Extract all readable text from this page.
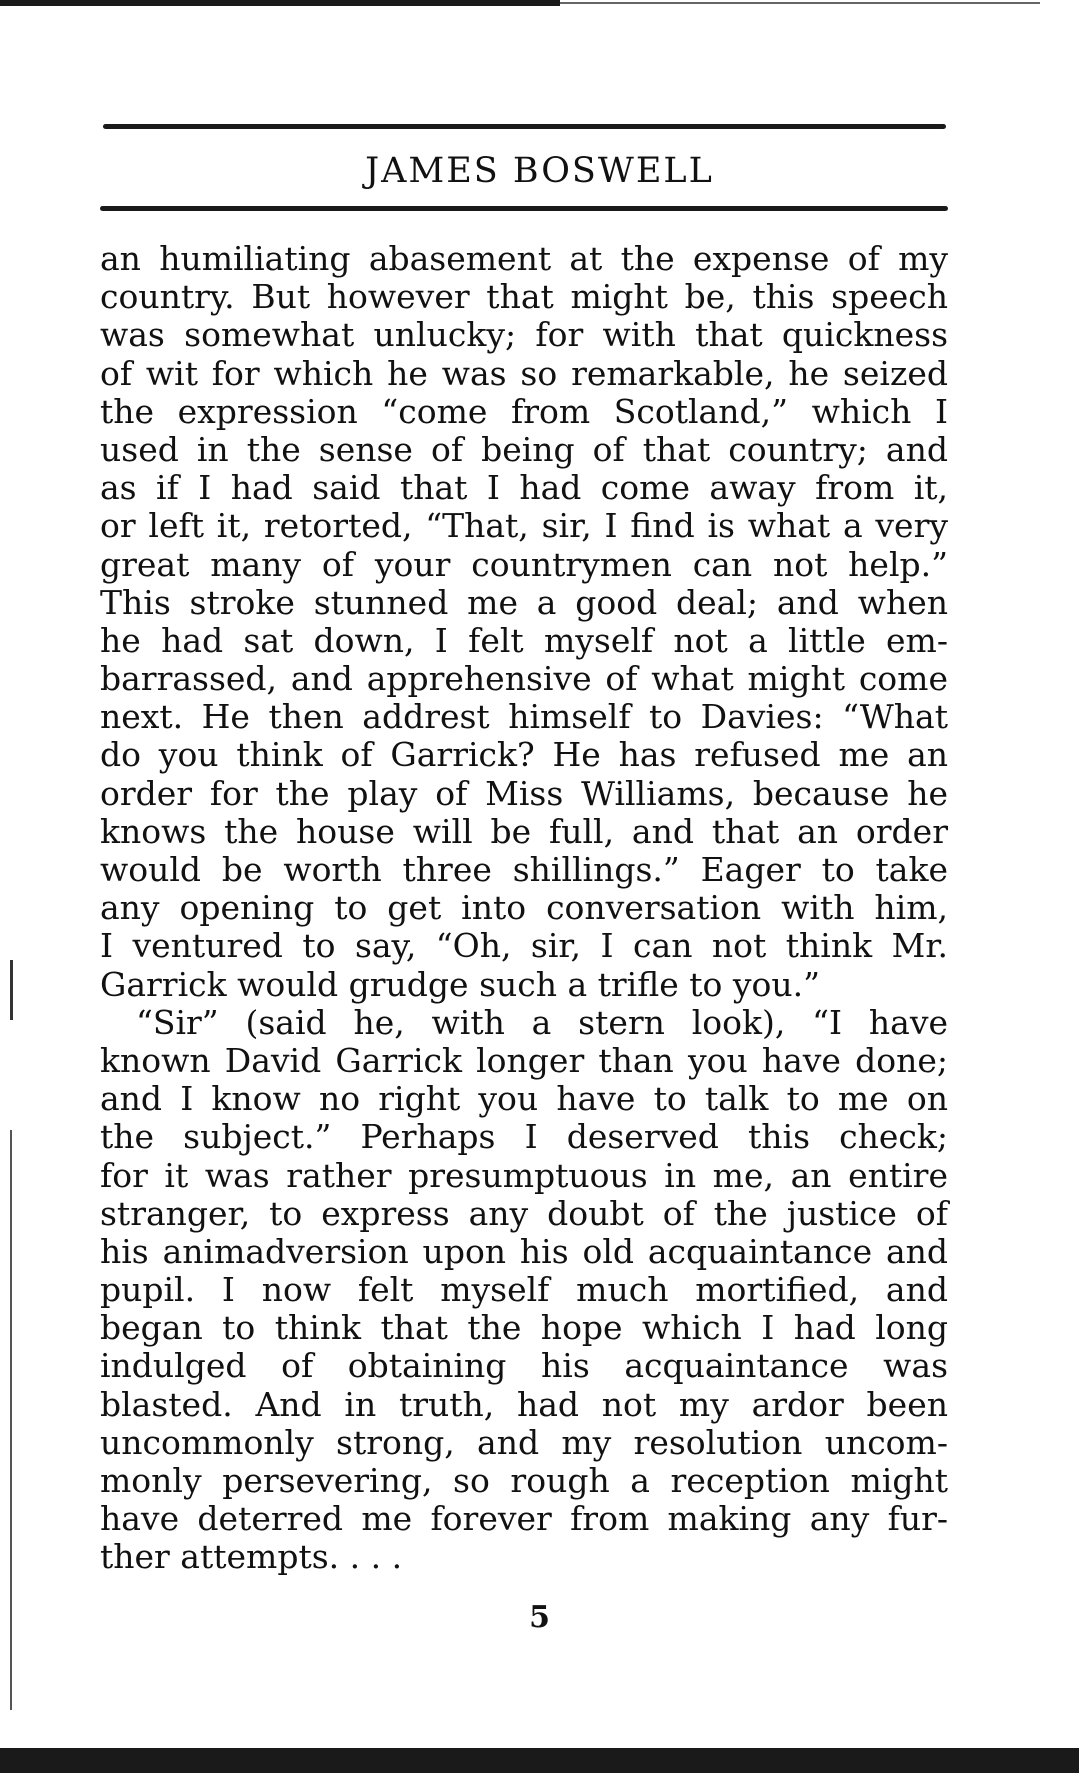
JAMES BOSWELL
an humiliating abasement at the expense of my
country. But however that might be, this speech
was somewhat unlucky; for with that quickness
of wit for which he was so remarkable, he seized
the expression “come from Scotland,” which I
used in the sense of being of that country; and
as if I had said that I had come away from it,
or left it, retorted, “That, sir, I find is what a very
great many of your countrymen can not help.”
This stroke stunned me a good deal; and when
he had sat down, I felt myself not a little em-
barrassed, and apprehensive of what might come
next. He then addrest himself to Davies: “What
do you think of Garrick? He has refused me an
order for the play of Miss Williams, because he
knows the house will be full, and that an order
would be worth three shillings.” Eager to take
any opening to get into conversation with him,
I ventured to say, “Oh, sir, I can not think Mr.
Garrick would grudge such a trifle to you.”
“Sir” (said he, with a stern look), “I have
known David Garrick longer than you have done;
and I know no right you have to talk to me on
the subject.” Perhaps I deserved this check;
for it was rather presumptuous in me, an entire
stranger, to express any doubt of the justice of
his animadversion upon his old acquaintance and
pupil. I now felt myself much mortified, and
began to think that the hope which I had long
indulged of obtaining his acquaintance was
blasted. And in truth, had not my ardor been
uncommonly strong, and my resolution uncom-
monly persevering, so rough a reception might
have deterred me forever from making any fur-
ther attempts. . . .
5
